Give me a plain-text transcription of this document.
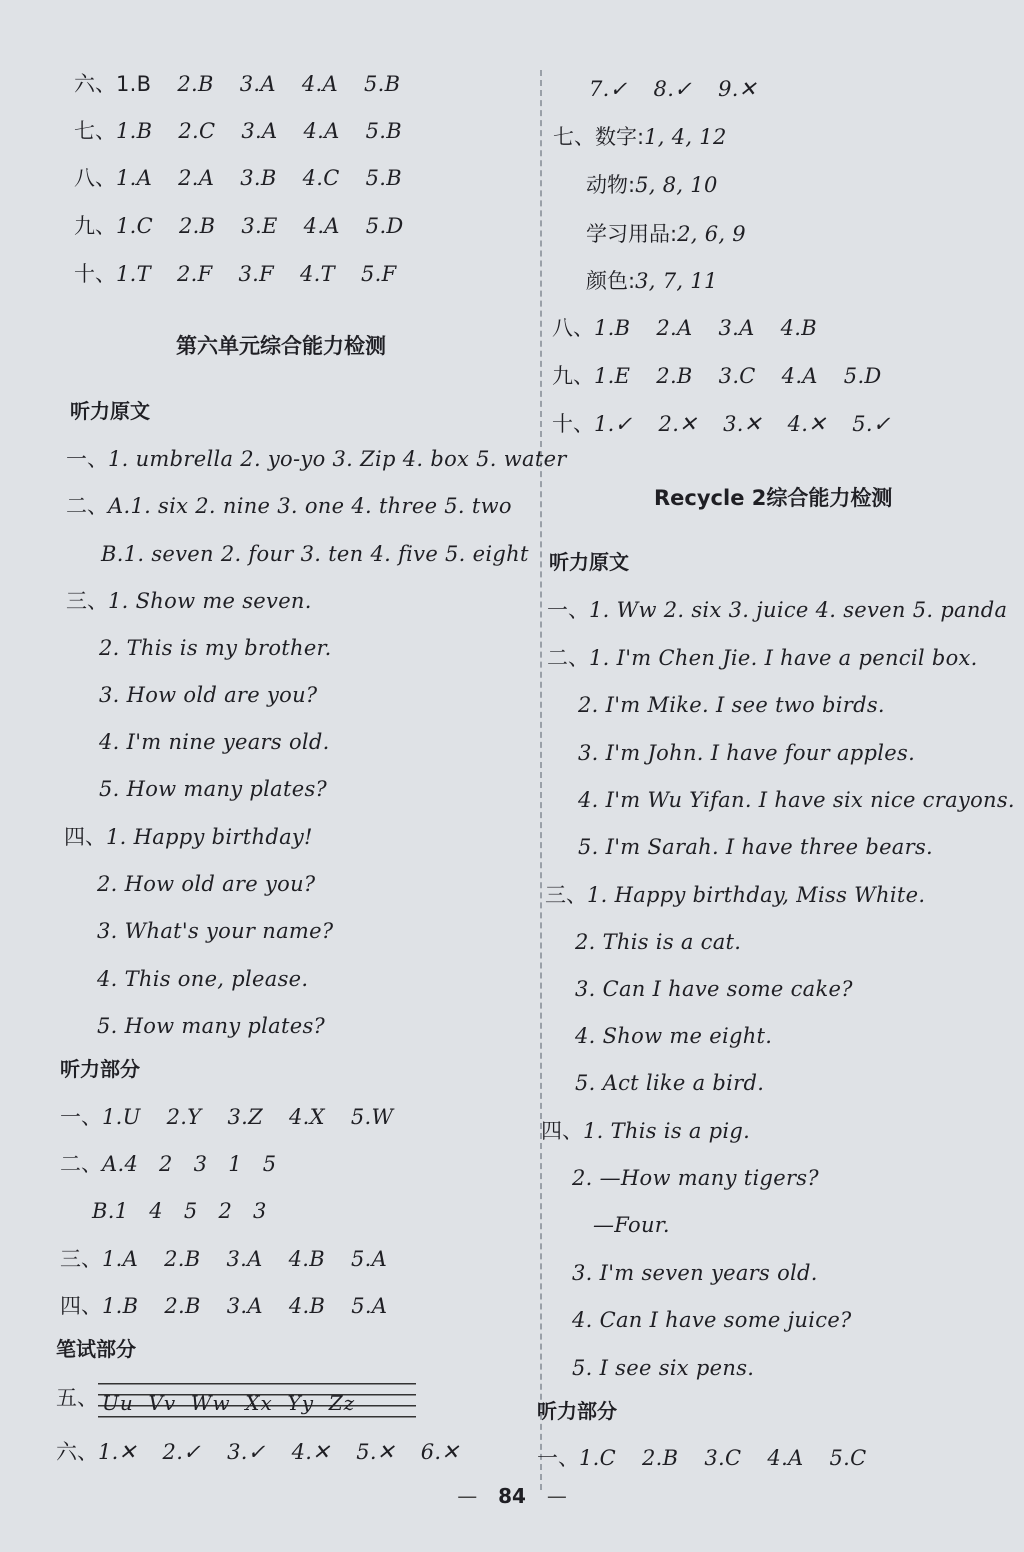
六、1.B 2.B 3.A 4.A 5.B
七、1.B 2.C 3.A 4.A 5.B
八、1.A 2.A 3.B 4.C 5.B
九、1.C 2.B 3.E 4.A 5.D
十、1.T 2.F 3.F 4.T 5.F
第六单元综合能力检测
听力原文
一、1. umbrella 2. yo-yo 3. Zip 4. box 5. water
二、A.1. six 2. nine 3. one 4. three 5. two
B.1. seven 2. four 3. ten 4. five 5. eight
三、1. Show me seven.
2. This is my brother.
3. How old are you?
4. I'm nine years old.
5. How many plates?
四、1. Happy birthday!
2. How old are you?
3. What's your name?
4. This one, please.
5. How many plates?
听力部分
一、1.U 2.Y 3.Z 4.X 5.W
二、A.4   2   3   1   5
B.1   4   5   2   3
三、1.A 2.B 3.A 4.B 5.A
四、1.B 2.B 3.A 4.B 5.A
笔试部分
五、 Uu  Vv  Ww  Xx  Yy  Zz
六、1.✕ 2.✓ 3.✓ 4.✕ 5.✕ 6.✕
7.✓ 8.✓ 9.✕
七、数字:1, 4, 12
动物:5, 8, 10
学习用品:2, 6, 9
颜色:3, 7, 11
八、1.B 2.A 3.A 4.B
九、1.E 2.B 3.C 4.A 5.D
十、1.✓ 2.✕ 3.✕ 4.✕ 5.✓
Recycle 2综合能力检测
听力原文
一、1. Ww 2. six 3. juice 4. seven 5. panda
二、1. I'm Chen Jie. I have a pencil box.
2. I'm Mike. I see two birds.
3. I'm John. I have four apples.
4. I'm Wu Yifan. I have six nice crayons.
5. I'm Sarah. I have three bears.
三、1. Happy birthday, Miss White.
2. This is a cat.
3. Can I have some cake?
4. Show me eight.
5. Act like a bird.
四、1. This is a pig.
2. —How many tigers?
—Four.
3. I'm seven years old.
4. Can I have some juice?
5. I see six pens.
听力部分
一、1.C 2.B 3.C 4.A 5.C
— 84 —
